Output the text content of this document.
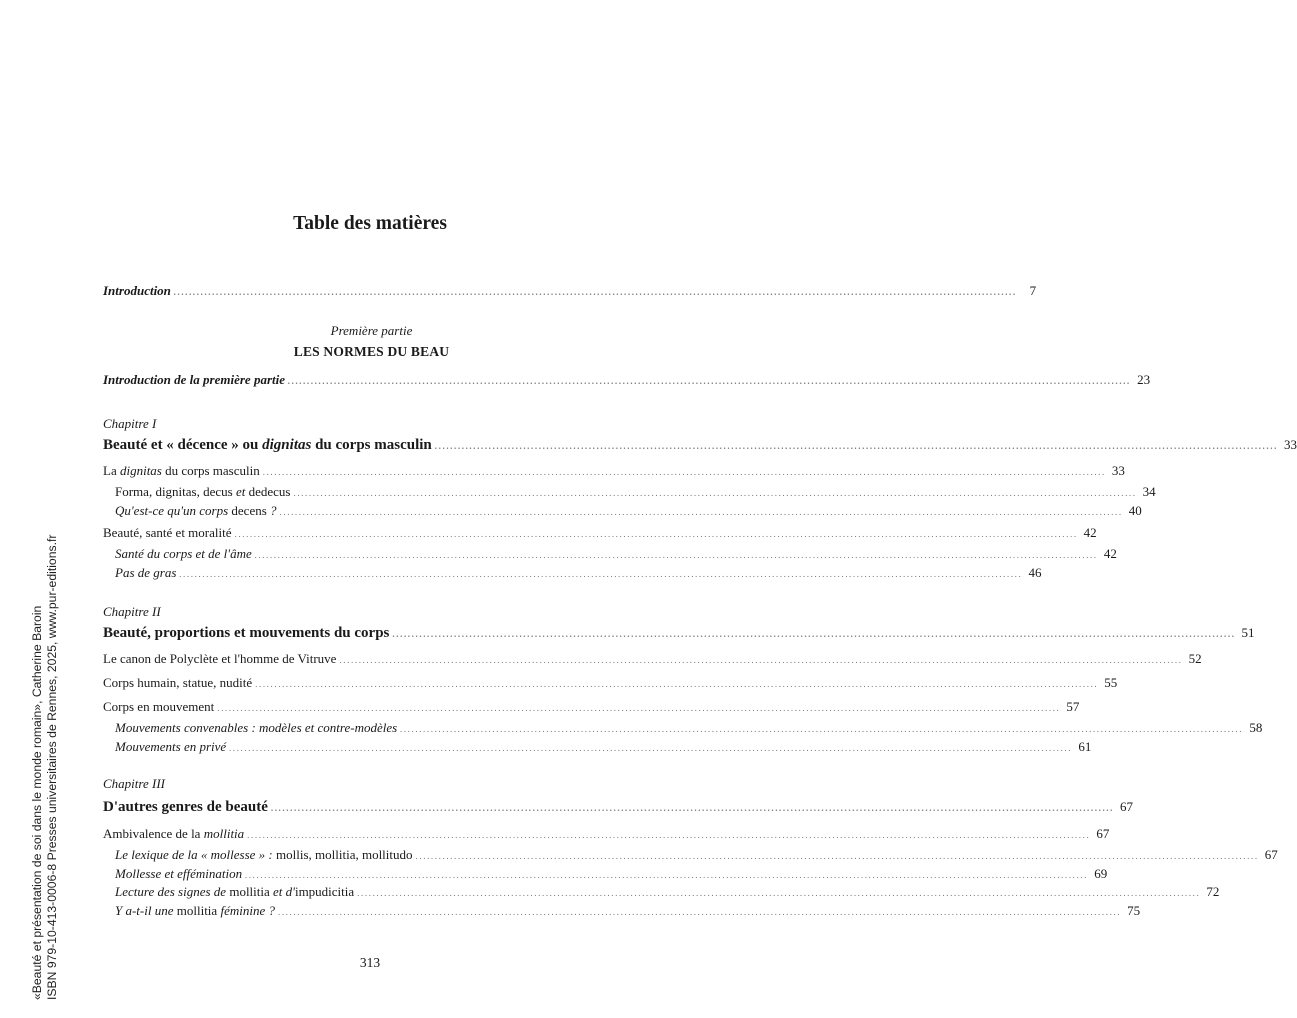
«Beauté et présentation de soi dans le monde romain», Catherine Baroin ISBN 979-10-413-0006-8 Presses universitaires de Rennes, 2025, www.pur-editions.fr
Table des matières
Introduction ........................................................................................................................................................................................................................... 7
Première partie
LES NORMES DU BEAU
Introduction de la première partie ........................................................................................................................................................................................................................... 23
Chapitre I
Beauté et « décence » ou dignitas du corps masculin ........................................................................................................................................................................................................................... 33
La dignitas du corps masculin ........................................................................................................................................................................................................................... 33
Forma, dignitas, decus et dedecus ........................................................................................................................................................................................................................... 34
Qu'est-ce qu'un corps decens ? ........................................................................................................................................................................................................................... 40
Beauté, santé et moralité ........................................................................................................................................................................................................................... 42
Santé du corps et de l'âme ........................................................................................................................................................................................................................... 42
Pas de gras ........................................................................................................................................................................................................................... 46
Chapitre II
Beauté, proportions et mouvements du corps ........................................................................................................................................................................................................................... 51
Le canon de Polyclète et l'homme de Vitruve ........................................................................................................................................................................................................................... 52
Corps humain, statue, nudité ........................................................................................................................................................................................................................... 55
Corps en mouvement ........................................................................................................................................................................................................................... 57
Mouvements convenables : modèles et contre-modèles ........................................................................................................................................................................................................................... 58
Mouvements en privé ........................................................................................................................................................................................................................... 61
Chapitre III
D'autres genres de beauté ........................................................................................................................................................................................................................... 67
Ambivalence de la mollitia ........................................................................................................................................................................................................................... 67
Le lexique de la « mollesse » : mollis, mollitia, mollitudo ........................................................................................................................................................................................................................... 67
Mollesse et effémination ........................................................................................................................................................................................................................... 69
Lecture des signes de mollitia et d'impudicitia ........................................................................................................................................................................................................................... 72
Y a-t-il une mollitia féminine ? ........................................................................................................................................................................................................................... 75
313
